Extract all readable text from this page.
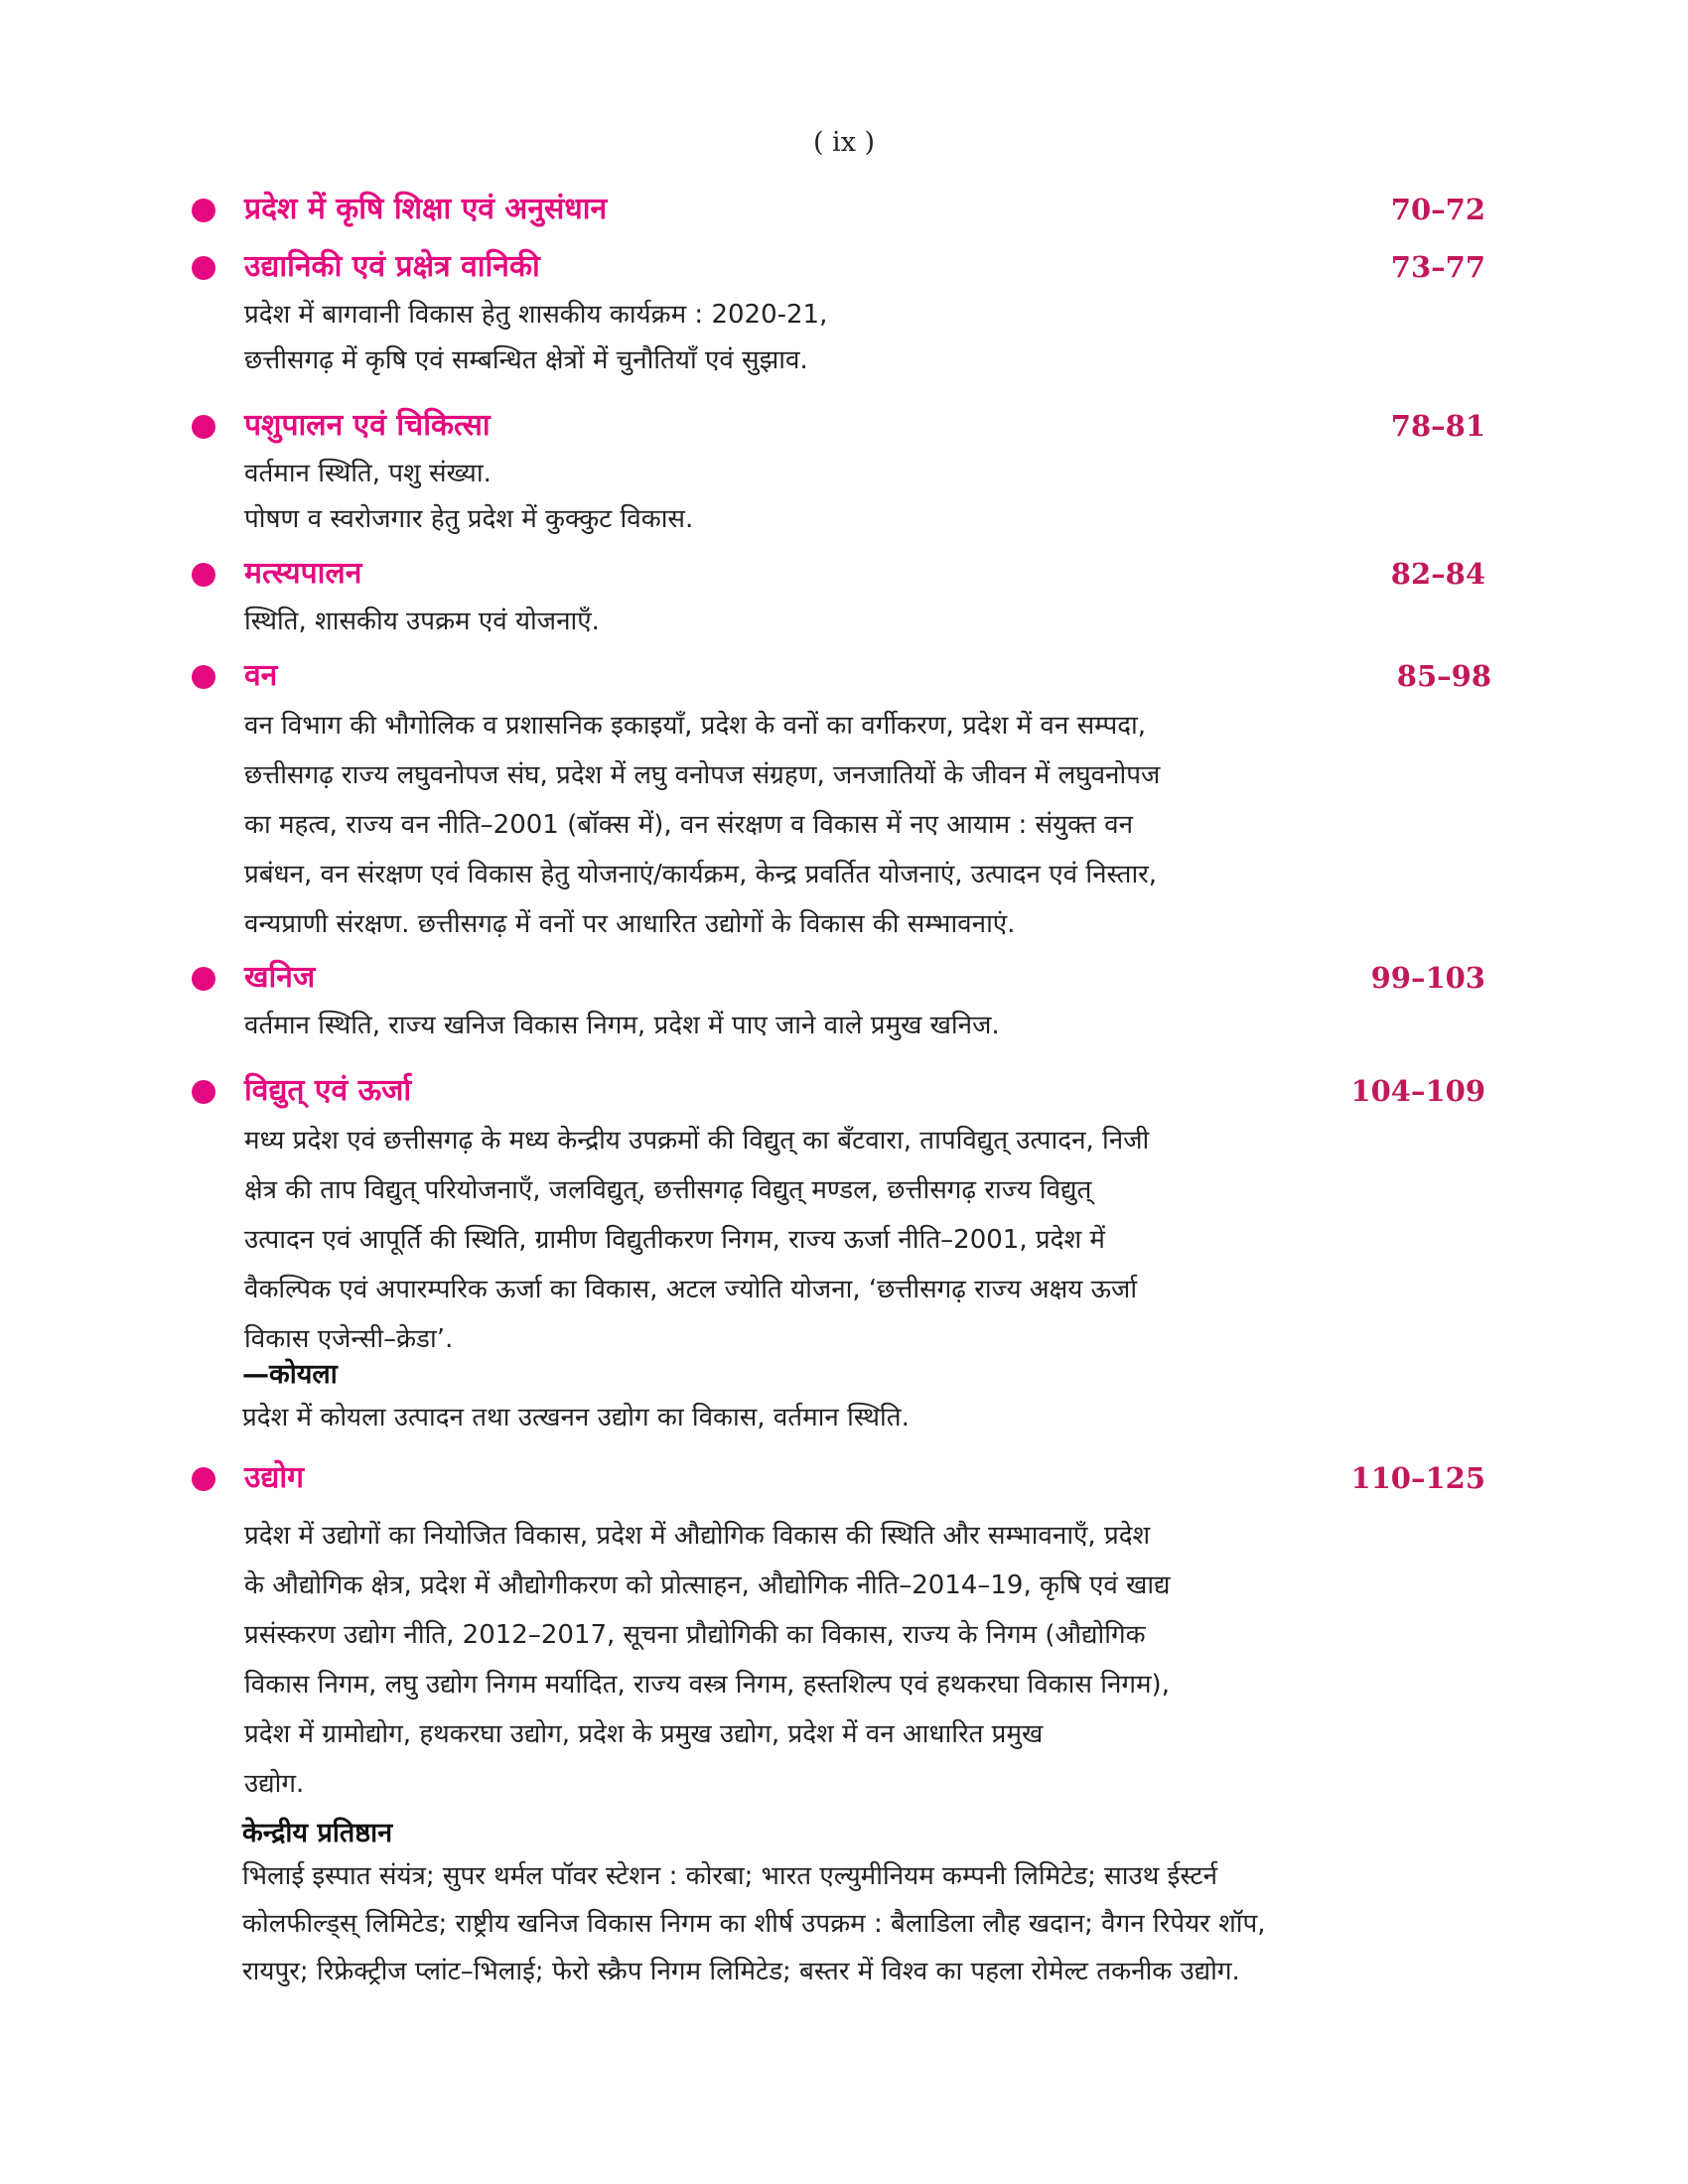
( ix )
प्रदेश में कृषि शिक्षा एवं अनुसंधान	70–72
उद्यानिकी एवं प्रक्षेत्र वानिकी	73–77
प्रदेश में बागवानी विकास हेतु शासकीय कार्यक्रम : 2020-21,
छत्तीसगढ़ में कृषि एवं सम्बन्धित क्षेत्रों में चुनौतियाँ एवं सुझाव.
पशुपालन एवं चिकित्सा	78–81
वर्तमान स्थिति, पशु संख्या.
पोषण व स्वरोजगार हेतु प्रदेश में कुक्कुट विकास.
मत्स्यपालन	82–84
स्थिति, शासकीय उपक्रम एवं योजनाएँ.
वन	85–98
वन विभाग की भौगोलिक व प्रशासनिक इकाइयाँ, प्रदेश के वनों का वर्गीकरण, प्रदेश में वन सम्पदा,
छत्तीसगढ़ राज्य लघुवनोपज संघ, प्रदेश में लघु वनोपज संग्रहण, जनजातियों के जीवन में लघुवनोपज
का महत्व, राज्य वन नीति–2001 (बॉक्स में), वन संरक्षण व विकास में नए आयाम : संयुक्त वन
प्रबंधन, वन संरक्षण एवं विकास हेतु योजनाएं/कार्यक्रम, केन्द्र प्रवर्तित योजनाएं, उत्पादन एवं निस्तार,
वन्यप्राणी संरक्षण. छत्तीसगढ़ में वनों पर आधारित उद्योगों के विकास की सम्भावनाएं.
खनिज	99–103
वर्तमान स्थिति, राज्य खनिज विकास निगम, प्रदेश में पाए जाने वाले प्रमुख खनिज.
विद्युत् एवं ऊर्जा	104–109
मध्य प्रदेश एवं छत्तीसगढ़ के मध्य केन्द्रीय उपक्रमों की विद्युत् का बँटवारा, तापविद्युत् उत्पादन, निजी
क्षेत्र की ताप विद्युत् परियोजनाएँ, जलविद्युत्, छत्तीसगढ़ विद्युत् मण्डल, छत्तीसगढ़ राज्य विद्युत्
उत्पादन एवं आपूर्ति की स्थिति, ग्रामीण विद्युतीकरण निगम, राज्य ऊर्जा नीति–2001, प्रदेश में
वैकल्पिक एवं अपारम्परिक ऊर्जा का विकास, अटल ज्योति योजना, ‘छत्तीसगढ़ राज्य अक्षय ऊर्जा
विकास एजेन्सी–क्रेडा’.
—कोयला
प्रदेश में कोयला उत्पादन तथा उत्खनन उद्योग का विकास, वर्तमान स्थिति.
उद्योग	110–125
प्रदेश में उद्योगों का नियोजित विकास, प्रदेश में औद्योगिक विकास की स्थिति और सम्भावनाएँ, प्रदेश
के औद्योगिक क्षेत्र, प्रदेश में औद्योगीकरण को प्रोत्साहन, औद्योगिक नीति–2014–19, कृषि एवं खाद्य
प्रसंस्करण उद्योग नीति, 2012–2017, सूचना प्रौद्योगिकी का विकास, राज्य के निगम (औद्योगिक
विकास निगम, लघु उद्योग निगम मर्यादित, राज्य वस्त्र निगम, हस्तशिल्प एवं हथकरघा विकास निगम),
प्रदेश में ग्रामोद्योग, हथकरघा उद्योग, प्रदेश के प्रमुख उद्योग, प्रदेश में वन आधारित प्रमुख
उद्योग.
केन्द्रीय प्रतिष्ठान
भिलाई इस्पात संयंत्र; सुपर थर्मल पॉवर स्टेशन : कोरबा; भारत एल्युमीनियम कम्पनी लिमिटेड; साउथ ईस्टर्न
कोलफील्ड्स् लिमिटेड; राष्ट्रीय खनिज विकास निगम का शीर्ष उपक्रम : बैलाडिला लौह खदान; वैगन रिपेयर शॉप,
रायपुर; रिफ्रेक्ट्रीज प्लांट–भिलाई; फेरो स्क्रैप निगम लिमिटेड; बस्तर में विश्व का पहला रोमेल्ट तकनीक उद्योग.
